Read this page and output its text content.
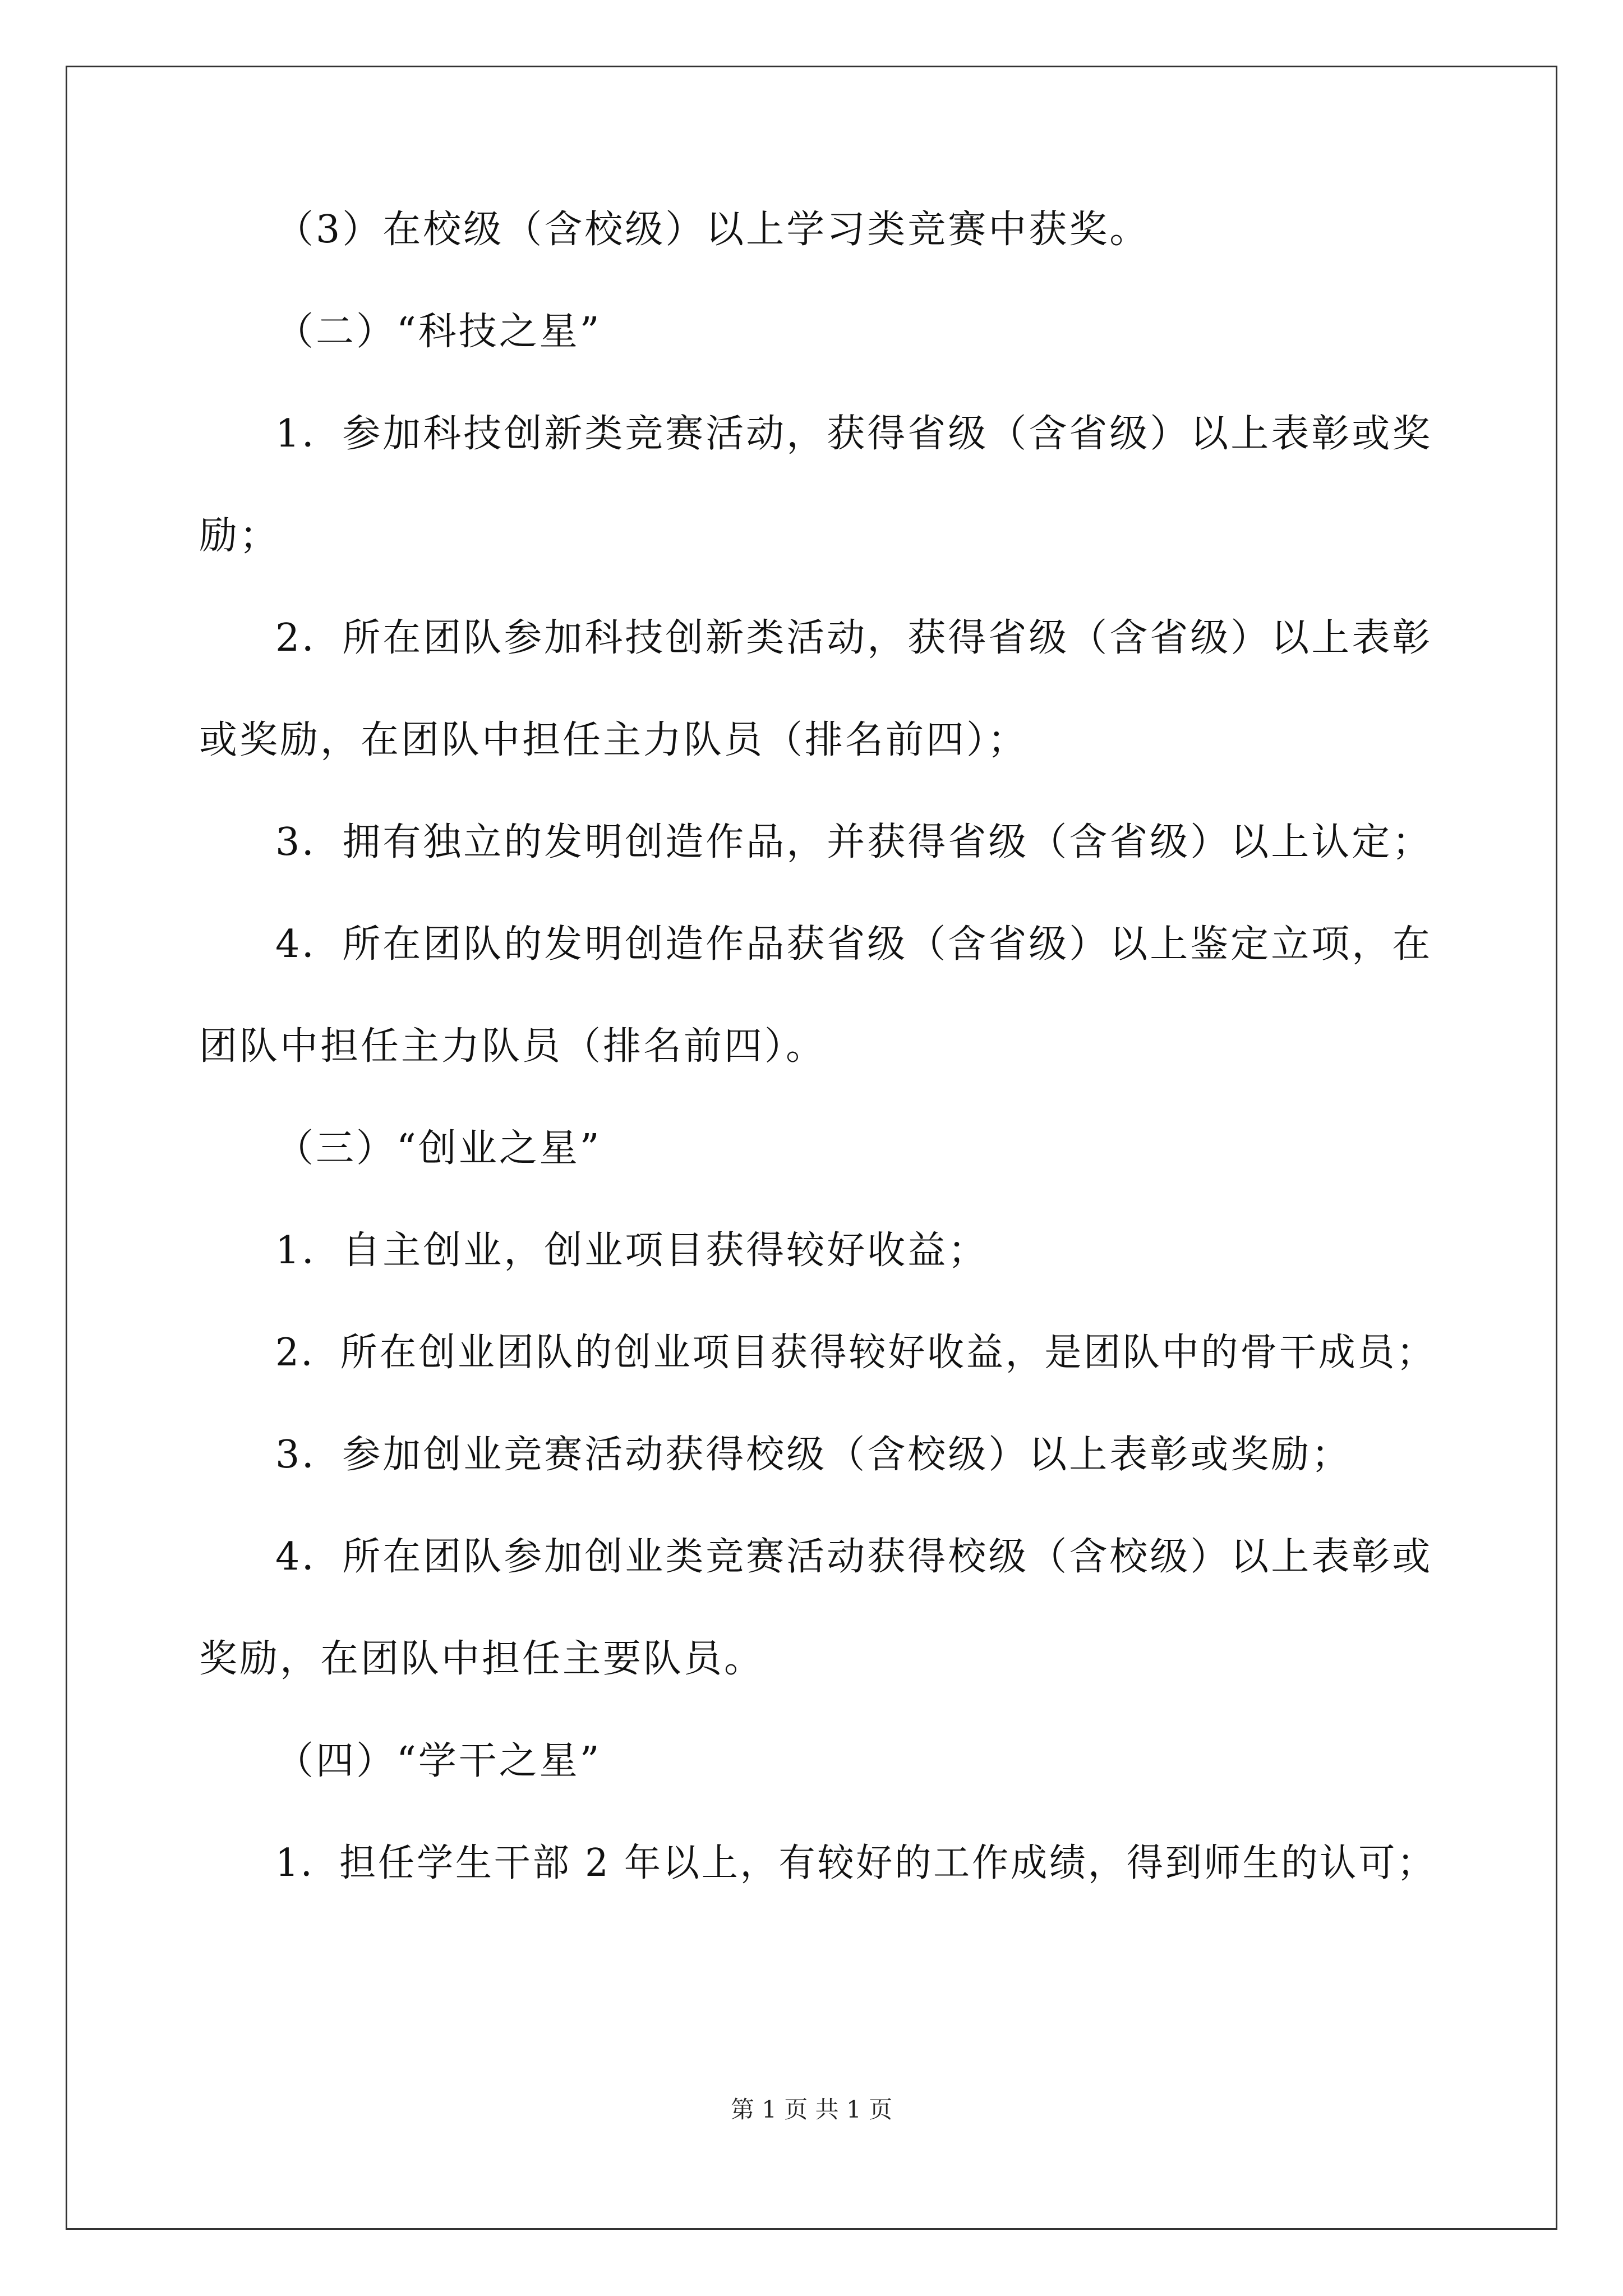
（3）在校级（含校级）以上学习类竞赛中获奖。
（二）“科技之星”
1．参加科技创新类竞赛活动，获得省级（含省级）以上表彰或奖
励；
2．所在团队参加科技创新类活动，获得省级（含省级）以上表彰
或奖励，在团队中担任主力队员（排名前四）；
3．拥有独立的发明创造作品，并获得省级（含省级）以上认定；
4．所在团队的发明创造作品获省级（含省级）以上鉴定立项，在
团队中担任主力队员（排名前四）。
（三）“创业之星”
1．自主创业，创业项目获得较好收益；
2．所在创业团队的创业项目获得较好收益，是团队中的骨干成员；
3．参加创业竞赛活动获得校级（含校级）以上表彰或奖励；
4．所在团队参加创业类竞赛活动获得校级（含校级）以上表彰或
奖励，在团队中担任主要队员。
（四）“学干之星”
1．担任学生干部 2 年以上，有较好的工作成绩，得到师生的认可；
第 1 页 共 1 页
